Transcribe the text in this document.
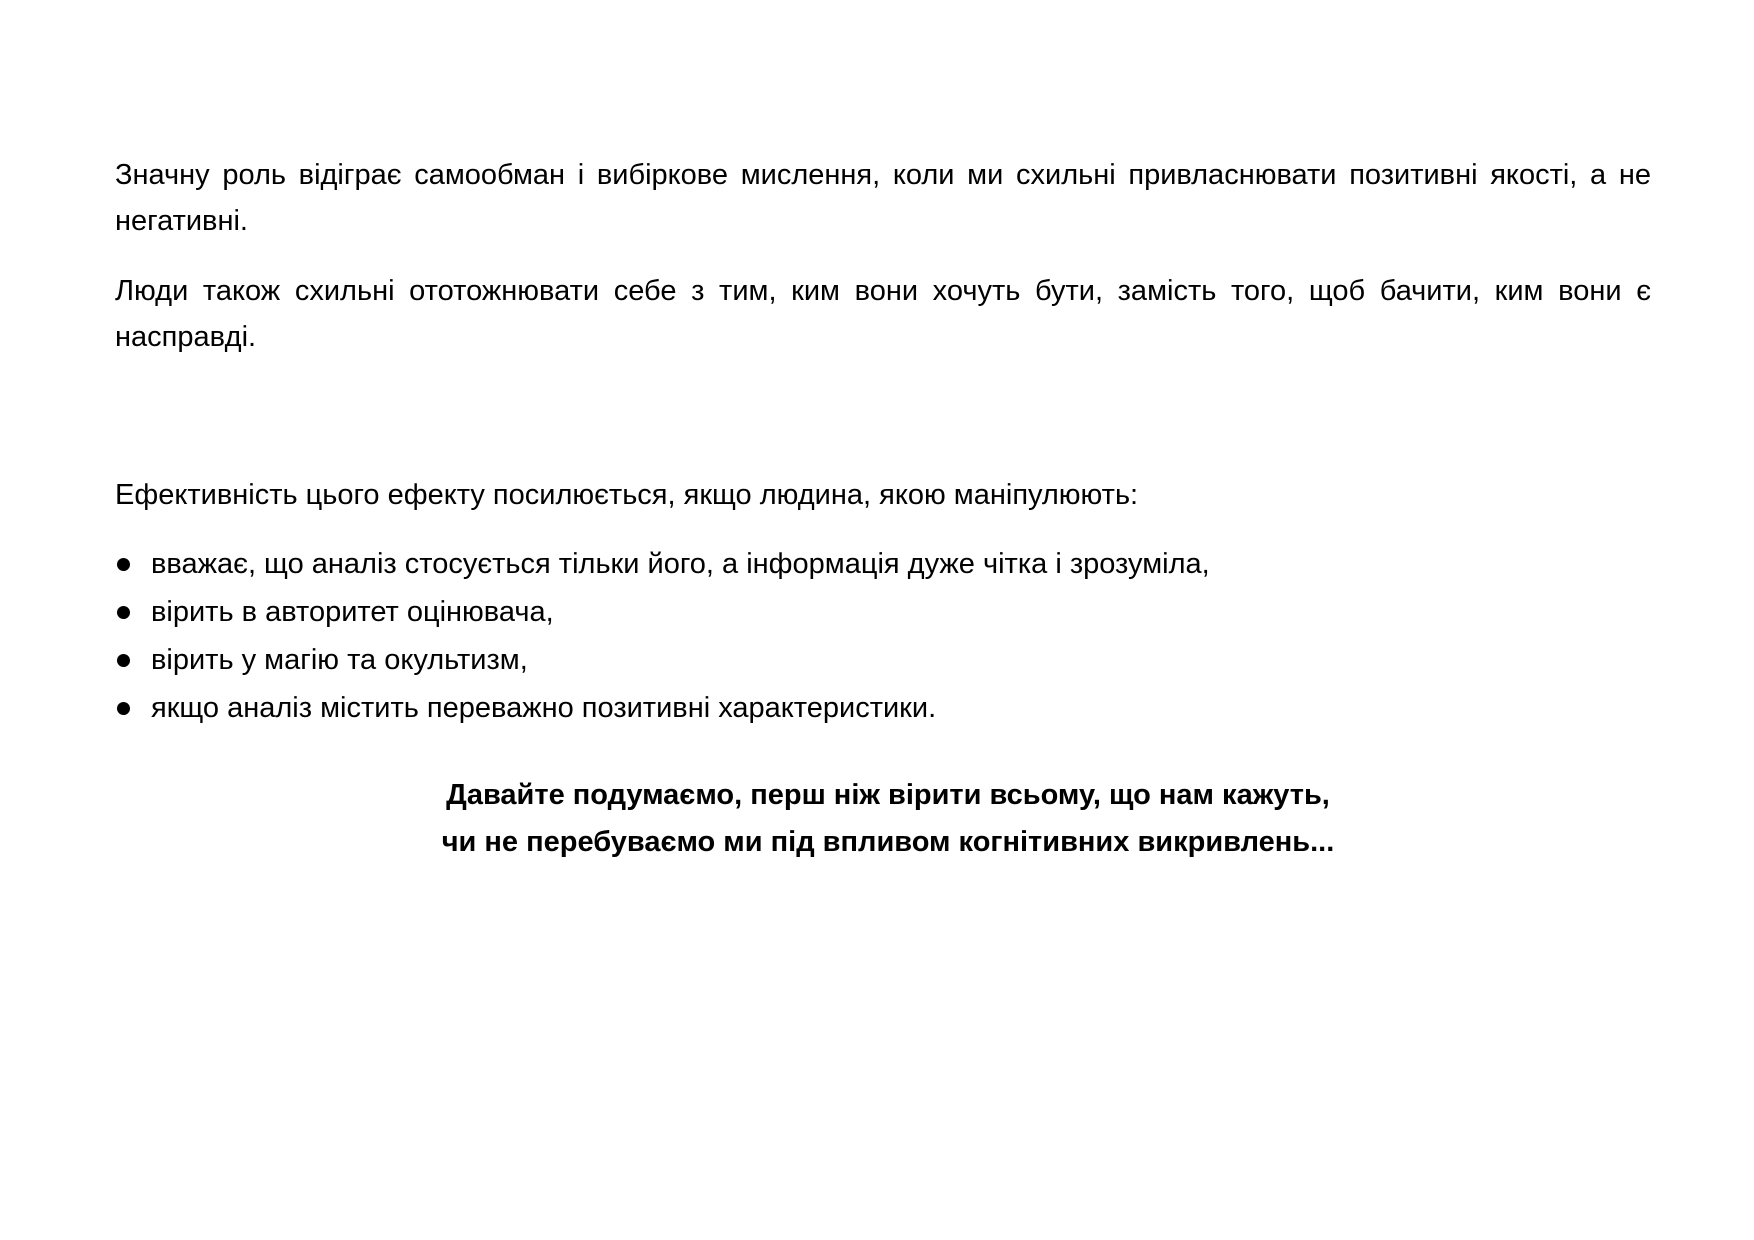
Значну роль відіграє самообман і вибіркове мислення, коли ми схильні привласнювати позитивні якості, а не негативні.

Люди також схильні ототожнювати себе з тим, ким вони хочуть бути, замість того, щоб бачити, ким вони є насправді.

Ефективність цього ефекту посилюється, якщо людина, якою маніпулюють:

вважає, що аналіз стосується тільки його, а інформація дуже чітка і зрозуміла,
вірить в авторитет оцінювача,
вірить у магію та окультизм,
якщо аналіз містить переважно позитивні характеристики.
Давайте подумаємо, перш ніж вірити всьому, що нам кажуть,
чи не перебуваємо ми під впливом когнітивних викривлень...
